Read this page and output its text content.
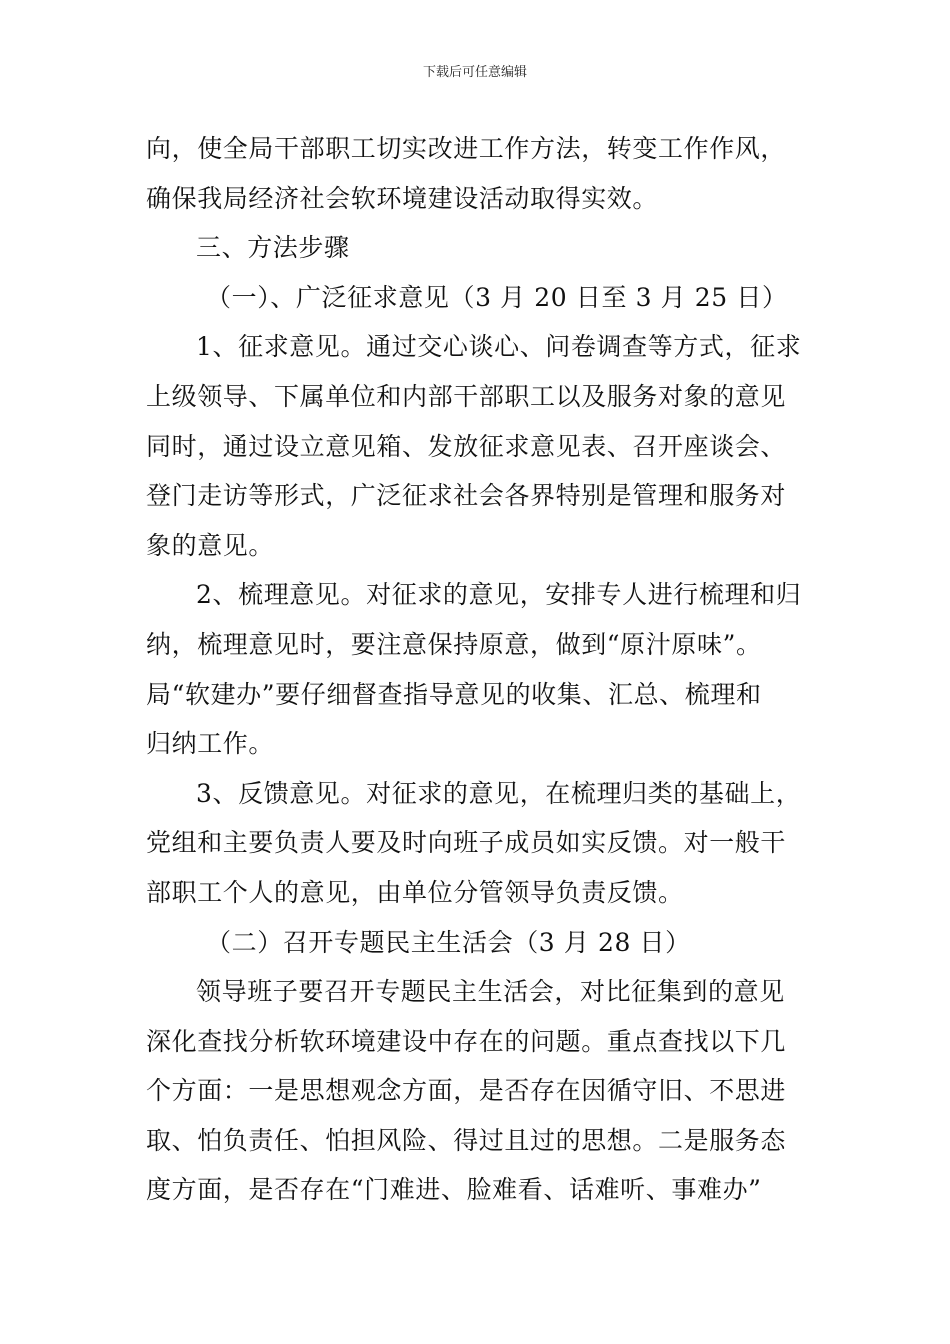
下载后可任意编辑
向，使全局干部职工切实改进工作方法，转变工作作风，
确保我局经济社会软环境建设活动取得实效。
三、方法步骤
（一）、广泛征求意见（3 月 20 日至 3 月 25 日）
1、征求意见。通过交心谈心、问卷调查等方式，征求
上级领导、下属单位和内部干部职工以及服务对象的意见
同时，通过设立意见箱、发放征求意见表、召开座谈会、
登门走访等形式，广泛征求社会各界特别是管理和服务对
象的意见。
2、梳理意见。对征求的意见，安排专人进行梳理和归
纳，梳理意见时，要注意保持原意，做到“原汁原味”。
局“软建办”要仔细督查指导意见的收集、汇总、梳理和
归纳工作。
3、反馈意见。对征求的意见，在梳理归类的基础上，
党组和主要负责人要及时向班子成员如实反馈。对一般干
部职工个人的意见，由单位分管领导负责反馈。
（二）召开专题民主生活会（3 月 28 日）
领导班子要召开专题民主生活会，对比征集到的意见
深化查找分析软环境建设中存在的问题。重点查找以下几
个方面：一是思想观念方面，是否存在因循守旧、不思进
取、怕负责任、怕担风险、得过且过的思想。二是服务态
度方面，是否存在“门难进、脸难看、话难听、事难办”
